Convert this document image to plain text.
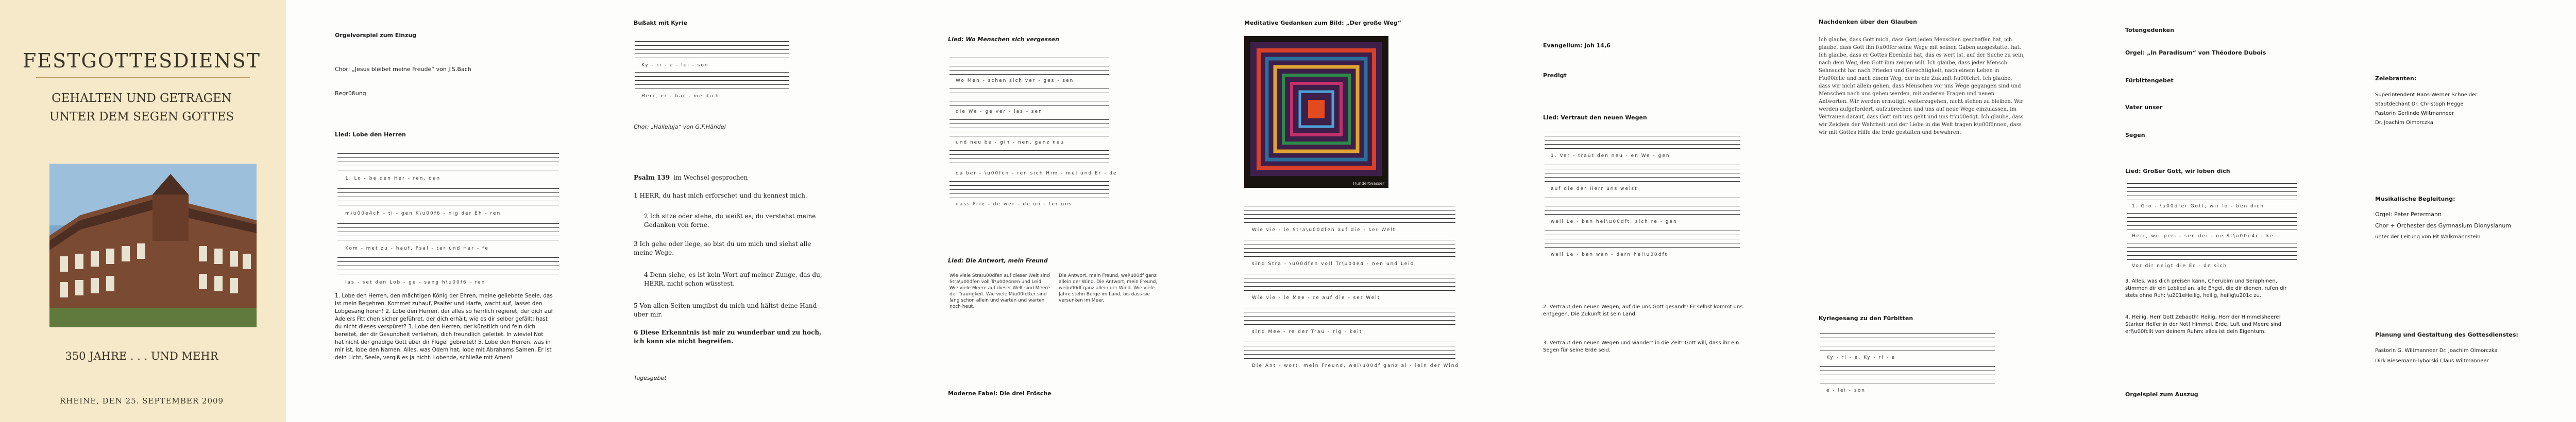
FESTGOTTESDIENST
GEHALTEN UND GETRAGEN
UNTER DEM SEGEN GOTTES
350 JAHRE . . . UND MEHR
RHEINE, DEN 25. SEPTEMBER 2009
Orgelvorspiel zum Einzug
Chor: „Jesus bleibet meine Freude“ von J.S.Bach
Begrüßung
Lied: Lobe den Herren
1. Lo - be den Her - ren, den
m\u00e4ch - ti - gen K\u00f6 - nig der Eh - ren
Kom - met zu - hauf, Psal - ter und Har - fe
las - set den Lob - ge - sang h\u00f6 - ren
1. Lobe den Herren, den mächtigen König der Ehren, meine geliebete Seele, das ist mein Begehren. Kommet zuhauf, Psalter und Harfe, wacht auf, lasset den Lobgesang hören! 2. Lobe den Herren, der alles so herrlich regieret, der dich auf Adelers Fittichen sicher geführet, der dich erhält, wie es dir selber gefällt; hast du nicht dieses verspüret? 3. Lobe den Herren, der künstlich und fein dich bereitet, der dir Gesundheit verliehen, dich freundlich geleitet. In wieviel Not hat nicht der gnädige Gott über dir Flügel gebreitet! 5. Lobe den Herren, was in mir ist, lobe den Namen. Alles, was Odem hat, lobe mit Abrahams Samen. Er ist dein Licht, Seele, vergiß es ja nicht. Lobende, schließe mit Amen!
Bußakt mit Kyrie
Ky - ri - e - lei - son
Herr, er - bar - me dich
Chor: „Halleluja“ von G.F.Händel
Psalm 139 im Wechsel gesprochen
1 HERR, du hast mich erforschet und du kennest mich.
2 Ich sitze oder stehe, du weißt es; du verstehst meine Gedanken von ferne.
3 Ich gehe oder liege, so bist du um mich und siehst alle meine Wege.
4 Denn siehe, es ist kein Wort auf meiner Zunge, das du, HERR, nicht schon wüsstest.
5 Von allen Seiten umgibst du mich und hältst deine Hand über mir.
6 Diese Erkenntnis ist mir zu wunderbar und zu hoch, ich kann sie nicht begreifen.
Tagesgebet
Lied: Wo Menschen sich vergessen
Wo Men - schen sich ver - ges - sen
die We - ge ver - las - sen
und neu be - gin - nen, ganz neu
da ber - \u00fch - ren sich Him - mel und Er - de
dass Frie - de wer - de un - ter uns
Lied: Die Antwort, mein Freund
Wie viele Stra\u00dfen auf dieser Welt sind Stra\u00dfen voll Tr\u00e4nen und Leid. Wie viele Meere auf dieser Welt sind Meere der Traurigkeit. Wie viele M\u00fctter sind lang schon allein und warten und warten noch heut.
Die Antwort, mein Freund, wei\u00df ganz allein der Wind. Die Antwort, mein Freund, wei\u00df ganz allein der Wind. Wie viele Jahre stehn Berge im Land, bis dass sie versunken im Meer.
Moderne Fabel: Die drei Frösche
Meditative Gedanken zum Bild: „Der große Weg“
Hundertwasser
Wie vie - le Stra\u00dfen auf die - ser Welt
sind Stra - \u00dfen voll Tr\u00e4 - nen und Leid
Wie vie - le Mee - re auf die - ser Welt
sind Mee - re der Trau - rig - keit
Die Ant - wort, mein Freund, wei\u00df ganz al - lein der Wind
Evangelium: Joh 14,6
Predigt
Lied: Vertraut den neuen Wegen
1. Ver - traut den neu - en We - gen
auf die der Herr uns weist
weil Le - ben hei\u00dft: sich re - gen
weil Le - ben wan - dern hei\u00dft
2. Vertraut den neuen Wegen, auf die uns Gott gesandt! Er selbst kommt uns entgegen. Die Zukunft ist sein Land.
3. Vertraut den neuen Wegen und wandert in die Zeit! Gott will, dass ihr ein Segen für seine Erde seid.
Nachdenken über den Glauben
Ich glaube, dass Gott mich, dass Gott jeden Menschen geschaffen hat, ich glaube, dass Gott ihn f\u00fcr seine Wege mit seinen Gaben ausgestattet hat. Ich glaube, dass er Gottes Ebenbild hat, das es wert ist, auf der Suche zu sein, nach dem Weg, den Gott ihm zeigen will. Ich glaube, dass jeder Mensch Sehnsucht hat nach Frieden und Gerechtigkeit, nach einem Leben in F\u00fclle und nach einem Weg, der in die Zukunft f\u00fchrt. Ich glaube, dass wir nicht allein gehen, dass Menschen vor uns Wege gegangen sind und Menschen nach uns gehen werden, mit anderen Fragen und neuen Antworten. Wir werden ermutigt, weiterzugehen, nicht stehen zu bleiben. Wir werden aufgefordert, aufzubrechen und uns auf neue Wege einzulassen, im Vertrauen darauf, dass Gott mit uns geht und uns tr\u00e4gt. Ich glaube, dass wir Zeichen der Wahrheit und der Liebe in die Welt tragen k\u00f6nnen, dass wir mit Gottes Hilfe die Erde gestalten und bewahren.
Kyriegesang zu den Fürbitten
Ky - ri - e, Ky - ri - e
e - lei - son
Totengedenken
Orgel: „In Paradisum“ von Théodore Dubois
Fürbittengebet
Vater unser
Segen
Lied: Großer Gott, wir loben dich
1. Gro - \u00dfer Gott, wir lo - ben dich
Herr, wir prei - sen dei - ne St\u00e4r - ke
Vor dir neigt die Er - de sich
3. Alles, was dich preisen kann, Cherubim und Seraphinen, stimmen dir ein Loblied an, alle Engel, die dir dienen, rufen dir stets ohne Ruh: \u201eHeilig, heilig, heilig\u201c zu.
4. Heilig, Herr Gott Zebaoth! Heilig, Herr der Himmelsheere! Starker Helfer in der Not! Himmel, Erde, Luft und Meere sind erf\u00fcllt von deinem Ruhm; alles ist dein Eigentum.
Orgelspiel zum Auszug
Zelebranten:
Superintendent Hans-Werner Schneider
Stadtdechant Dr. Christoph Hegge
Pastorin Gerlinde Wiltmanneer
Dr. Joachim Olmorczka
Musikalische Begleitung:
Orgel: Peter Petermann
Chor + Orchester des Gymnasium Dionysianum
unter der Leitung von Pit Walkmannstein
Planung und Gestaltung des Gottesdienstes:
Pastorin G. Wiltmanneer Dr. Joachim Olmorczka
Dirk Biesemann-Tyborski Claus Wiltmanneer
